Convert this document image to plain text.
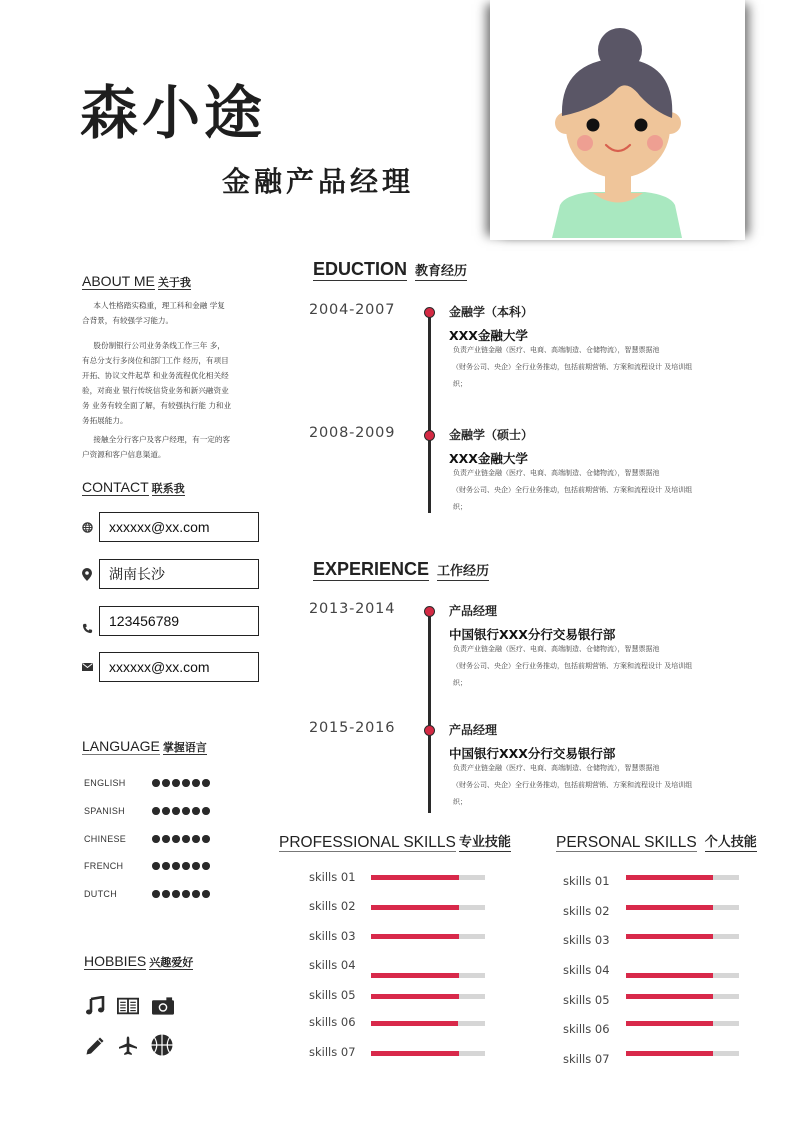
森小途
金融产品经理
ABOUT ME 关于我
本人性格踏实稳重，理工科和金融 学复合背景，有较强学习能力。
股份制银行公司业务条线工作三年 多，有总分支行多岗位和部门工作 经历，有项目开拓、协议文件起草 和业务流程优化相关经验，对商业 银行传统信贷业务和新兴融资业务 业务有较全面了解，有较强执行能 力和业务拓展能力。
接触全分行客户及客户经理，有一定的客户资源和客户信息渠道。
CONTACT 联系我
xxxxxx@xx.com
湖南长沙
123456789
xxxxxx@xx.com
LANGUAGE 掌握语言
ENGLISH
SPANISH
CHINESE
FRENCH
DUTCH
HOBBIES 兴趣爱好
EDUCTION 教育经历
2004-2007	金融学（本科）
XXX金融大学
负责产业链金融（医疗、电商、高端制造、仓储物流），智慧票据池
（财务公司、央企）全行业务推动，包括前期营销、方案和流程设计 及培训组
织；
2008-2009	金融学（硕士）
XXX金融大学
负责产业链金融（医疗、电商、高端制造、仓储物流），智慧票据池
（财务公司、央企）全行业务推动，包括前期营销、方案和流程设计 及培训组
织；
EXPERIENCE 工作经历
2013-2014	产品经理
中国银行XXX分行交易银行部
负责产业链金融（医疗、电商、高端制造、仓储物流），智慧票据池
（财务公司、央企）全行业务推动，包括前期营销、方案和流程设计 及培训组
织；
2015-2016	产品经理
中国银行XXX分行交易银行部
负责产业链金融（医疗、电商、高端制造、仓储物流），智慧票据池
（财务公司、央企）全行业务推动，包括前期营销、方案和流程设计 及培训组
织；
PROFESSIONAL SKILLS 专业技能
skills 01
skills 02
skills 03
skills 04
skills 05
skills 06
skills 07
PERSONAL SKILLS 个人技能
skills 01
skills 02
skills 03
skills 04
skills 05
skills 06
skills 07
